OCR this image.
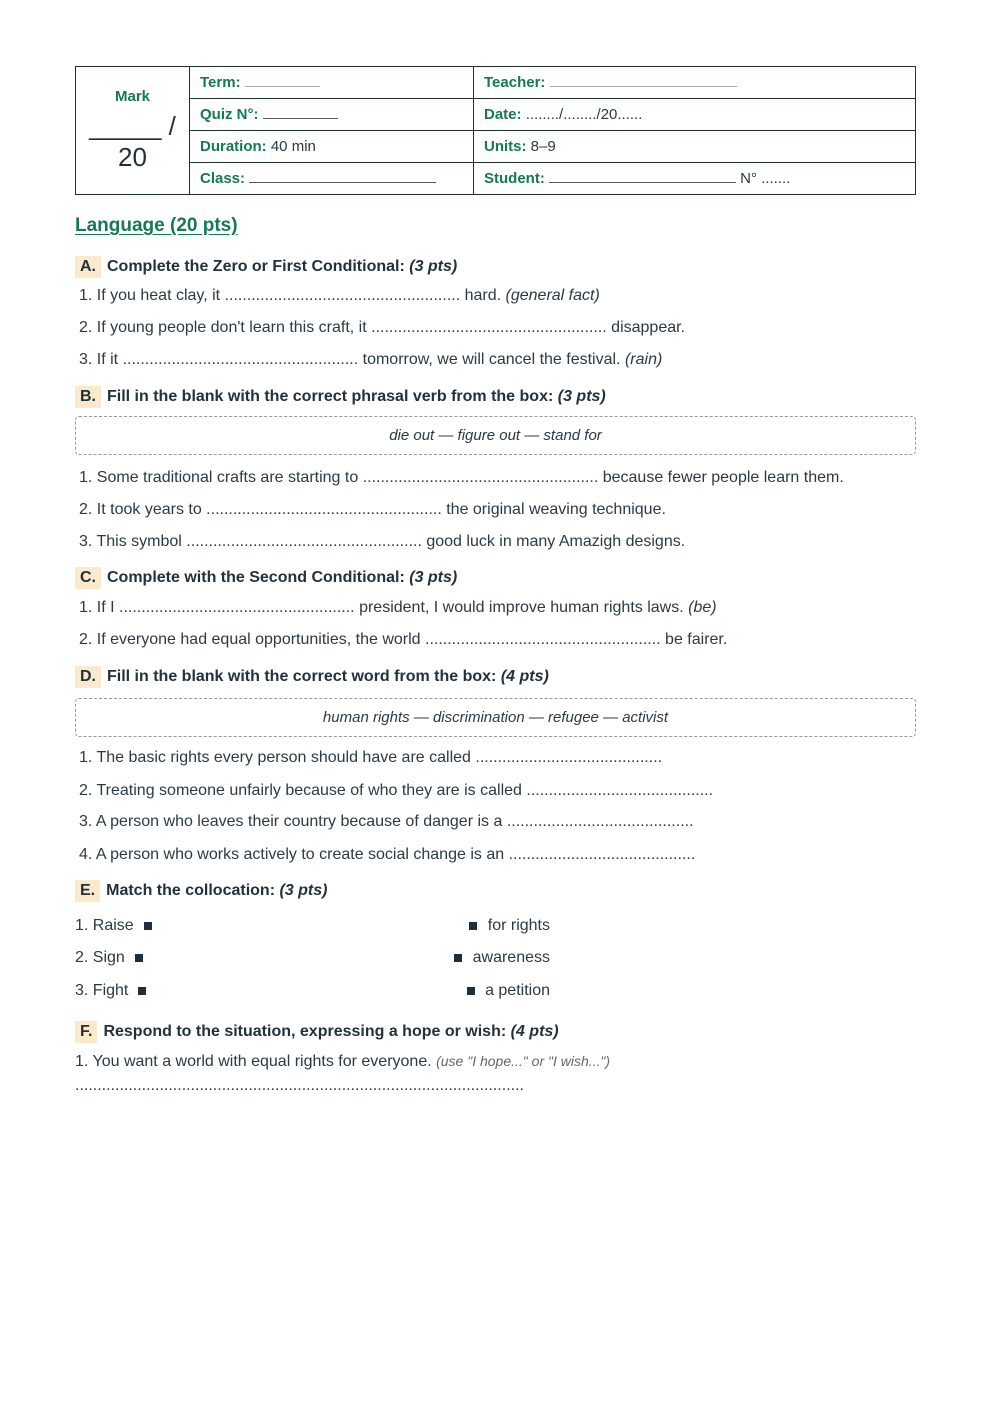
Mark
_____ / 20	Term:	Teacher:
	Quiz N°:	Date: ......../......../20......
	Duration: 40 min	Units: 8–9
	Class:	Student: N° .......
Language (20 pts)
A. Complete the Zero or First Conditional:
(3 pts)
1. If you heat clay, it ..................................................... hard. (general fact)
2. If young people don't learn this craft, it ..................................................... disappear.
3. If it ..................................................... tomorrow, we will cancel the festival. (rain)
B. Fill in the blank with the correct phrasal verb from the box:
(3 pts)
die out — figure out — stand for
1. Some traditional crafts are starting to ..................................................... because fewer people learn them.
2. It took years to ..................................................... the original weaving technique.
3. This symbol ..................................................... good luck in many Amazigh designs.
C. Complete with the Second Conditional:
(3 pts)
1. If I ..................................................... president, I would improve human rights laws. (be)
2. If everyone had equal opportunities, the world ..................................................... be fairer.
D. Fill in the blank with the correct word from the box:
(4 pts)
human rights — discrimination — refugee — activist
1. The basic rights every person should have are called ..........................................
2. Treating someone unfairly because of who they are is called ..........................................
3. A person who leaves their country because of danger is a ..........................................
4. A person who works actively to create social change is an ..........................................
E. Match the collocation:
(3 pts)
1. Raise	for rights
2. Sign	awareness
3. Fight	a petition
F. Respond to the situation, expressing a hope or wish:
(4 pts)
1. You want a world with equal rights for everyone. (use "I hope..." or "I wish...")
.....................................................................................................
